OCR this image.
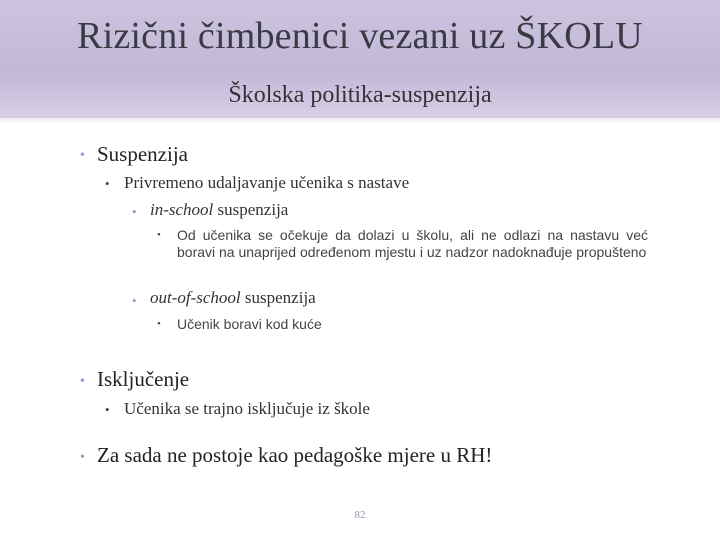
Rizični čimbenici vezani uz ŠKOLU
Školska politika-suspenzija
• Suspenzija
• Privremeno udaljavanje učenika s nastave
• in-school suspenzija
• Od učenika se očekuje da dolazi u školu, ali ne odlazi na nastavu već boravi na unaprijed određenom mjestu i uz nadzor nadoknađuje propušteno
• out-of-school suspenzija
• Učenik boravi kod kuće
• Isključenje
• Učenika se trajno isključuje iz škole
• Za sada ne postoje kao pedagoške mjere u RH!
82
